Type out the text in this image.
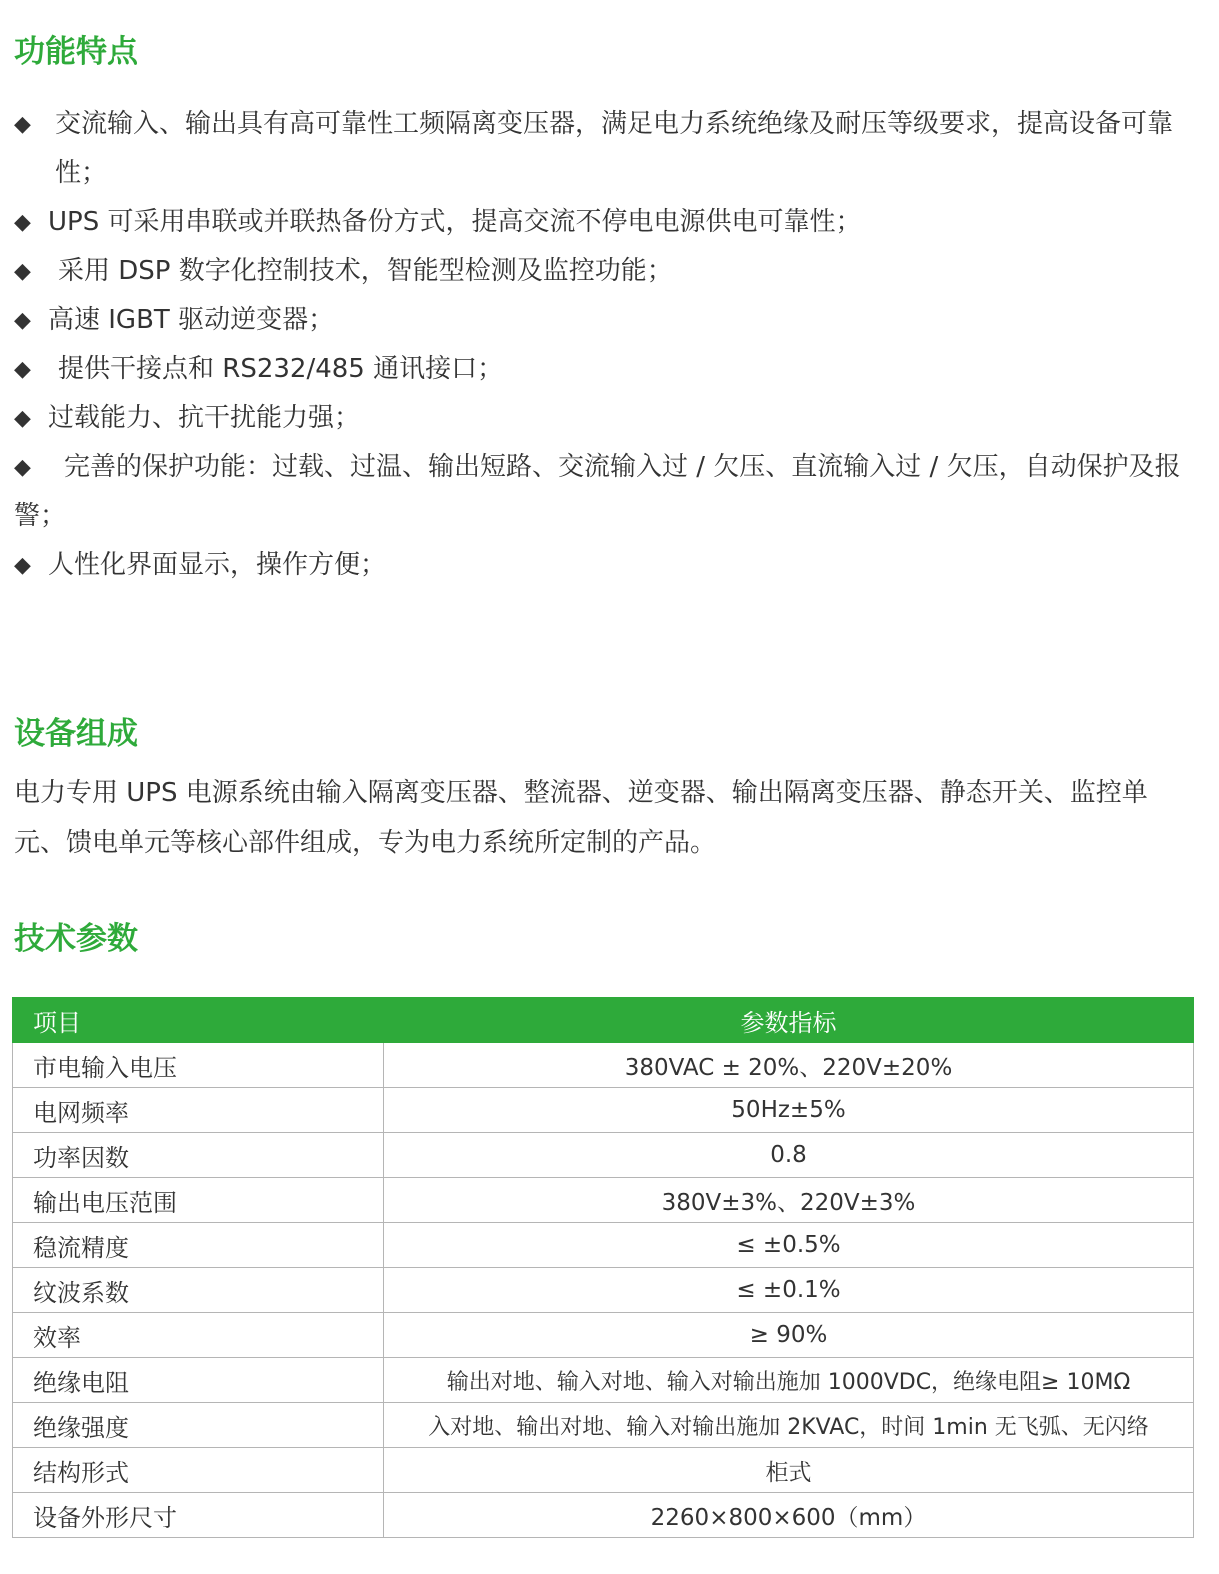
功能特点
◆ 交流输入、输出具有高可靠性工频隔离变压器，满足电力系统绝缘及耐压等级要求，提高设备可靠性；
◆ UPS 可采用串联或并联热备份方式，提高交流不停电电源供电可靠性；
◆ 采用 DSP 数字化控制技术，智能型检测及监控功能；
◆ 高速 IGBT 驱动逆变器；
◆ 提供干接点和 RS232/485 通讯接口；
◆ 过载能力、抗干扰能力强；
◆ 完善的保护功能：过载、过温、输出短路、交流输入过 / 欠压、直流输入过 / 欠压，自动保护及报警；
◆ 人性化界面显示，操作方便；
设备组成

电力专用 UPS 电源系统由输入隔离变压器、整流器、逆变器、输出隔离变压器、静态开关、监控单元、馈电单元等核心部件组成，专为电力系统所定制的产品。

技术参数
项目	参数指标
市电输入电压	380VAC ± 20%、220V±20%
电网频率	50Hz±5%
功率因数	0.8
输出电压范围	380V±3%、220V±3%
稳流精度	≤ ±0.5%
纹波系数	≤ ±0.1%
效率	≥ 90%
绝缘电阻	输出对地、输入对地、输入对输出施加 1000VDC，绝缘电阻≥ 10MΩ
绝缘强度	入对地、输出对地、输入对输出施加 2KVAC，时间 1min 无飞弧、无闪络
结构形式	柜式
设备外形尺寸	2260×800×600（mm）
